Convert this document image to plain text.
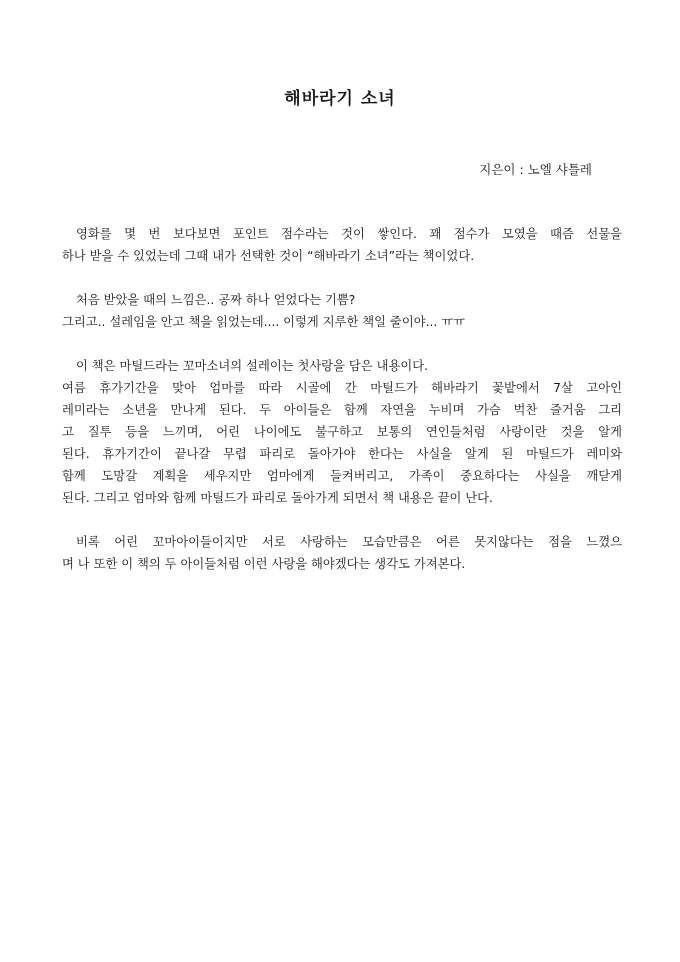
해바라기 소녀
지은이 : 노엘 샤틀레

영화를 몇 번 보다보면 포인트 점수라는 것이 쌓인다. 꽤 점수가 모였을 때즘 선물을
하나 받을 수 있었는데 그때 내가 선택한 것이 “해바라기 소녀”라는 책이었다.

처음 받았을 때의 느낌은.. 공짜 하나 얻었다는 기쁨?
그리고.. 설레임을 안고 책을 읽었는데.... 이렇게 지루한 책일 줄이야... ㅠㅠ

이 책은 마틸드라는 꼬마소녀의 설레이는 첫사랑을 담은 내용이다.
여름 휴가기간을 맞아 엄마를 따라 시골에 간 마틸드가 해바라기 꽃밭에서 7살 고아인
레미라는 소년을 만나게 된다. 두 아이들은 함께 자연을 누비며 가슴 벅찬 즐거움 그리
고 질투 등을 느끼며, 어린 나이에도 불구하고 보통의 연인들처럼 사랑이란 것을 알게
된다. 휴가기간이 끝나갈 무렵 파리로 돌아가야 한다는 사실을 알게 된 마틸드가 레미와
함께 도망갈 계획을 세우지만 엄마에게 들켜버리고, 가족이 중요하다는 사실을 깨닫게
된다. 그리고 엄마와 함께 마틸드가 파리로 돌아가게 되면서 책 내용은 끝이 난다.

비록 어린 꼬마아이들이지만 서로 사랑하는 모습만큼은 어른 못지않다는 점을 느꼈으
며 나 또한 이 책의 두 아이들처럼 이런 사랑을 해야겠다는 생각도 가져본다.
